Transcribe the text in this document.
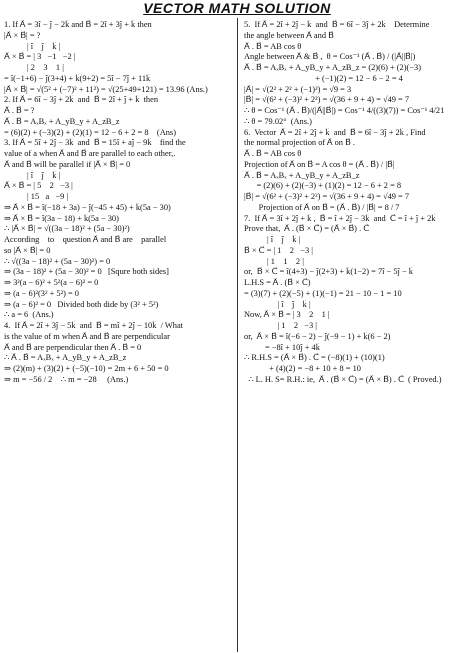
VECTOR MATH SOLUTION
1. If A⃗ = 3î − ĵ − 2k̂ and B⃗ = 2î + 3ĵ + k̂ then
|A⃗ × B⃗| = ?
| î    ĵ    k̂ |
A⃗ × B⃗ = | 3   −1   −2 |
| 2    3    1 |
= î(−1+6) − ĵ(3+4) + k̂(9+2) = 5î − 7ĵ + 11k̂
|A⃗ × B⃗| = √(5² + (−7)² + 11²) = √(25+49+121) = 13.96 (Ans.)
2. If A⃗ = 6î − 3ĵ + 2k̂  and  B⃗ = 2î + ĵ + k̂  then
A⃗ . B⃗ = ?
A⃗ . B⃗ = AₓBₓ + A_yB_y + A_zB_z
= (6)(2) + (−3)(2) + (2)(1) = 12 − 6 + 2 = 8    (Ans)
3. If A⃗ = 5î + 2ĵ − 3k̂  and  B⃗ = 15î + aĵ − 9k̂    find the
value of a when A⃗ and B⃗ are parallel to each other,.
A⃗ and B⃗ will be parallel if |A⃗ × B⃗| = 0
| î    ĵ    k̂ |
A⃗ × B⃗ = | 5    2   −3 |
| 15   a   −9 |
⇒ A⃗ × B⃗ = î(−18 + 3a) − ĵ(−45 + 45) + k̂(5a − 30)
⇒ A⃗ × B⃗ = î(3a − 18) + k̂(5a − 30)
∴ |A⃗ × B⃗| = √((3a − 18)² + (5a − 30)²)
According    to    question A⃗ and B⃗ are    parallel
so |A⃗ × B⃗| = 0
∴ √((3a − 18)² + (5a − 30)²) = 0
⇒ (3a − 18)² + (5a − 30)² = 0   [Squre both sides]
⇒ 3²(a − 6)² + 5²(a − 6)² = 0
⇒ (a − 6)²(3² + 5²) = 0
⇒ (a − 6)² = 0   Divided both dide by (3² + 5²)
∴ a = 6  (Ans.)
4.  If A⃗ = 2î + 3ĵ − 5k̂  and  B⃗ = mî + 2ĵ − 10k̂  / What
is the value of m when A⃗ and B⃗ are perpendicular
A⃗ and B⃗ are perpendicular then A⃗ . B⃗ = 0
∴ A⃗ . B⃗ = AₓBₓ + A_yB_y + A_zB_z
⇒ (2)(m) + (3)(2) + (−5)(−10) = 2m + 6 + 50 = 0
⇒ m = −56 / 2    ∴ m = −28     (Ans.)
5.  If A⃗ = 2î + 2ĵ − k̂  and  B⃗ = 6î − 3ĵ + 2k̂    Determine
the angle between A⃗ and B⃗
A⃗ . B⃗ = AB cos θ
Angle between A⃗ & B⃗ ,  θ = Cos⁻¹ (A⃗ . B⃗) / (|A⃗||B⃗|)
A⃗ . B⃗ = AₓBₓ + A_yB_y + A_zB_z = (2)(6) + (2)(−3)
+ (−1)(2) = 12 − 6 − 2 = 4
|A⃗| = √(2² + 2² + (−1)²) = √9 = 3
|B⃗| = √(6² + (−3)² + 2²) = √(36 + 9 + 4) = √49 = 7
∴ θ = Cos⁻¹ (A⃗ . B⃗)/(|A⃗||B⃗|) = Cos⁻¹ 4/((3)(7)) = Cos⁻¹ 4/21
∴ θ = 79.02°  (Ans.)
6.  Vector  A⃗ = 2î + 2ĵ + k̂  and  B⃗ = 6î − 3ĵ + 2k̂ , Find
the normal projection of A⃗ on B⃗ .
A⃗ . B⃗ = AB cos θ
Projection of A⃗ on B⃗ = A cos θ = (A⃗ . B⃗) / |B⃗|
A⃗ . B⃗ = AₓBₓ + A_yB_y + A_zB_z
= (2)(6) + (2)(−3) + (1)(2) = 12 − 6 + 2 = 8
|B⃗| = √(6² + (−3)² + 2²) = √(36 + 9 + 4) = √49 = 7
Projection of A⃗ on B⃗ = (A⃗ . B⃗) / |B⃗| = 8 / 7
7.  If A⃗ = 3î + 2ĵ + k̂ ,  B⃗ = î + 2ĵ − 3k̂  and  C⃗ = î + ĵ + 2k̂
Prove that,  A⃗ . (B⃗ × C⃗) = (A⃗ × B⃗) . C⃗
| î    ĵ    k̂ |
B⃗ × C⃗ = | 1    2   −3 |
| 1    1    2 |
or,  B⃗ × C⃗ = î(4+3) − ĵ(2+3) + k̂(1−2) = 7î − 5ĵ − k̂
L.H.S = A⃗ . (B⃗ × C⃗)
= (3)(7) + (2)(−5) + (1)(−1) = 21 − 10 − 1 = 10
| î    ĵ    k̂ |
Now, A⃗ × B⃗ = | 3    2    1 |
| 1    2   −3 |
or,  A⃗ × B⃗ = î(−6 − 2) − ĵ(−9 − 1) + k̂(6 − 2)
= −8î + 10ĵ + 4k̂
∴ R.H.S = (A⃗ × B⃗) . C⃗ = (−8)(1) + (10)(1)
+ (4)(2) = −8 + 10 + 8 = 10
∴ L. H. S= R.H.: ie,  A⃗ . (B⃗ × C⃗) = (A⃗ × B⃗) . C⃗  ( Proved.)
